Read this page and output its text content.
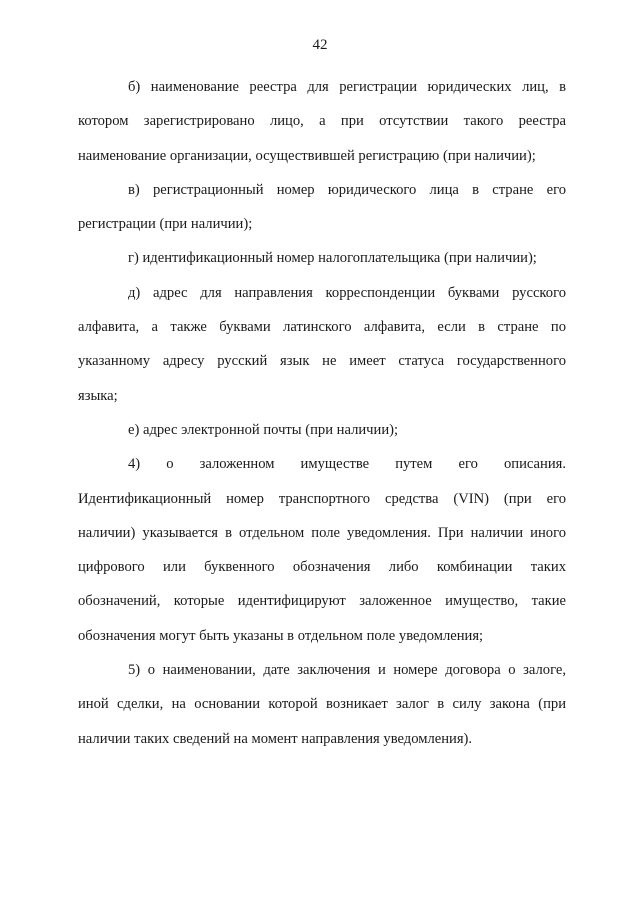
42

б) наименование реестра для регистрации юридических лиц, в
котором зарегистрировано лицо, а при отсутствии такого реестра
наименование организации, осуществившей регистрацию (при наличии);

в) регистрационный номер юридического лица в стране его
регистрации (при наличии);

г) идентификационный номер налогоплательщика (при наличии);

д) адрес для направления корреспонденции буквами русского
алфавита, а также буквами латинского алфавита, если в стране по
указанному адресу русский язык не имеет статуса государственного
языка;

е) адрес электронной почты (при наличии);

4) о заложенном имуществе путем его описания.
Идентификационный номер транспортного средства (VIN) (при его
наличии) указывается в отдельном поле уведомления. При наличии иного
цифрового или буквенного обозначения либо комбинации таких
обозначений, которые идентифицируют заложенное имущество, такие
обозначения могут быть указаны в отдельном поле уведомления;

5) о наименовании, дате заключения и номере договора о залоге,
иной сделки, на основании которой возникает залог в силу закона (при
наличии таких сведений на момент направления уведомления).
